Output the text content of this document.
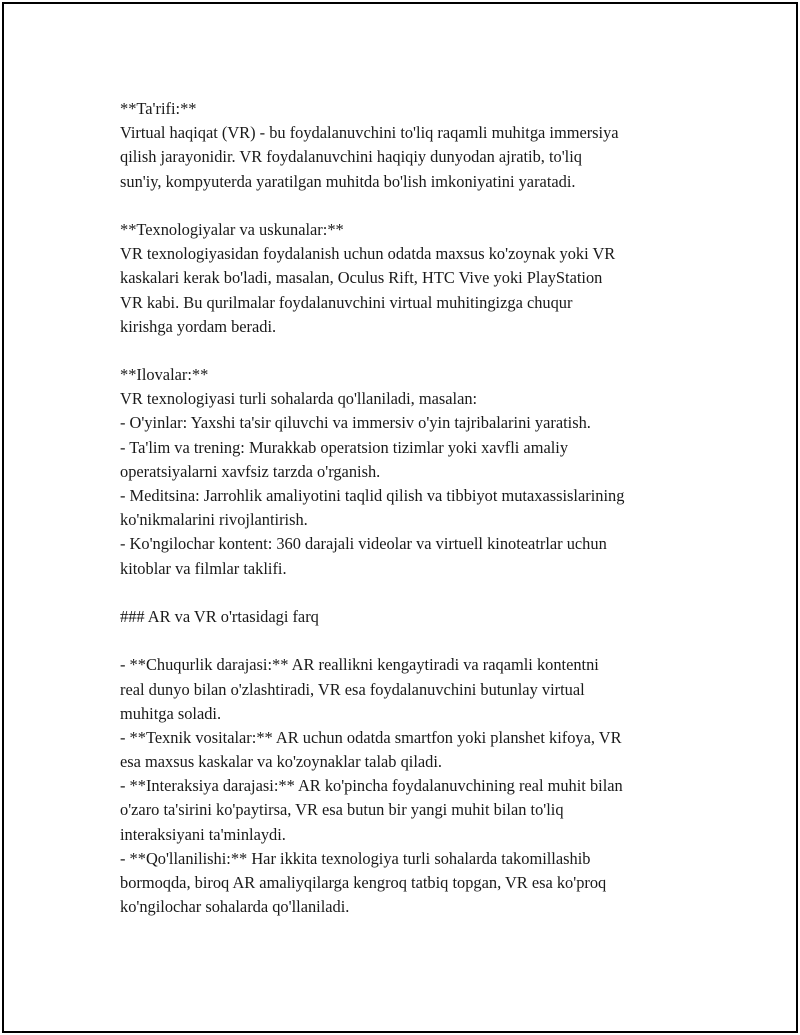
**Ta'rifi:**
Virtual haqiqat (VR) - bu foydalanuvchini to'liq raqamli muhitga immersiya
qilish jarayonidir. VR foydalanuvchini haqiqiy dunyodan ajratib, to'liq
sun'iy, kompyuterda yaratilgan muhitda bo'lish imkoniyatini yaratadi.
**Texnologiyalar va uskunalar:**
VR texnologiyasidan foydalanish uchun odatda maxsus ko'zoynak yoki VR
kaskalari kerak bo'ladi, masalan, Oculus Rift, HTC Vive yoki PlayStation
VR kabi. Bu qurilmalar foydalanuvchini virtual muhitingizga chuqur
kirishga yordam beradi.
**Ilovalar:**
VR texnologiyasi turli sohalarda qo'llaniladi, masalan:
- O'yinlar: Yaxshi ta'sir qiluvchi va immersiv o'yin tajribalarini yaratish.
- Ta'lim va trening: Murakkab operatsion tizimlar yoki xavfli amaliy
operatsiyalarni xavfsiz tarzda o'rganish.
- Meditsina: Jarrohlik amaliyotini taqlid qilish va tibbiyot mutaxassislarining
ko'nikmalarini rivojlantirish.
- Ko'ngilochar kontent: 360 darajali videolar va virtuell kinoteatrlar uchun
kitoblar va filmlar taklifi.
### AR va VR o'rtasidagi farq
- **Chuqurlik darajasi:** AR reallikni kengaytiradi va raqamli kontentni
real dunyo bilan o'zlashtiradi, VR esa foydalanuvchini butunlay virtual
muhitga soladi.
- **Texnik vositalar:** AR uchun odatda smartfon yoki planshet kifoya, VR
esa maxsus kaskalar va ko'zoynaklar talab qiladi.
- **Interaksiya darajasi:** AR ko'pincha foydalanuvchining real muhit bilan
o'zaro ta'sirini ko'paytirsa, VR esa butun bir yangi muhit bilan to'liq
interaksiyani ta'minlaydi.
- **Qo'llanilishi:** Har ikkita texnologiya turli sohalarda takomillashib
bormoqda, biroq AR amaliyqilarga kengroq tatbiq topgan, VR esa ko'proq
ko'ngilochar sohalarda qo'llaniladi.
